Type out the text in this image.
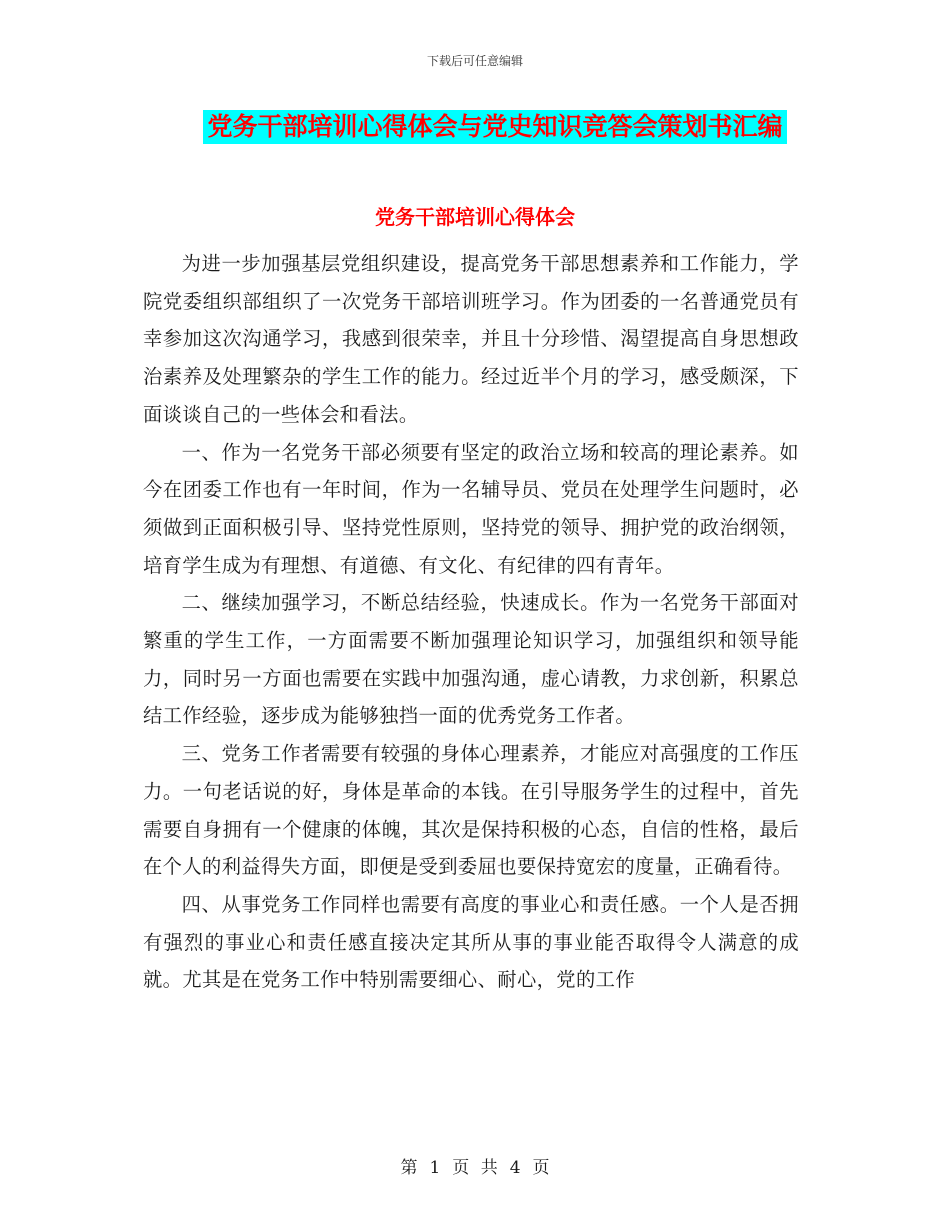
下载后可任意编辑
党务干部培训心得体会与党史知识竞答会策划书汇编
党务干部培训心得体会

为进一步加强基层党组织建设，提高党务干部思想素养和工作能力，学院党委组织部组织了一次党务干部培训班学习。作为团委的一名普通党员有幸参加这次沟通学习，我感到很荣幸，并且十分珍惜、渴望提高自身思想政治素养及处理繁杂的学生工作的能力。经过近半个月的学习，感受颇深，下面谈谈自己的一些体会和看法。

一、作为一名党务干部必须要有坚定的政治立场和较高的理论素养。如今在团委工作也有一年时间，作为一名辅导员、党员在处理学生问题时，必须做到正面积极引导、坚持党性原则，坚持党的领导、拥护党的政治纲领，培育学生成为有理想、有道德、有文化、有纪律的四有青年。

二、继续加强学习，不断总结经验，快速成长。作为一名党务干部面对繁重的学生工作，一方面需要不断加强理论知识学习，加强组织和领导能力，同时另一方面也需要在实践中加强沟通，虚心请教，力求创新，积累总结工作经验，逐步成为能够独挡一面的优秀党务工作者。

三、党务工作者需要有较强的身体心理素养，才能应对高强度的工作压力。一句老话说的好，身体是革命的本钱。在引导服务学生的过程中，首先需要自身拥有一个健康的体魄，其次是保持积极的心态，自信的性格，最后在个人的利益得失方面，即便是受到委屈也要保持宽宏的度量，正确看待。

四、从事党务工作同样也需要有高度的事业心和责任感。一个人是否拥有强烈的事业心和责任感直接决定其所从事的事业能否取得令人满意的成就。尤其是在党务工作中特别需要细心、耐心，党的工作

第 1 页 共 4 页
